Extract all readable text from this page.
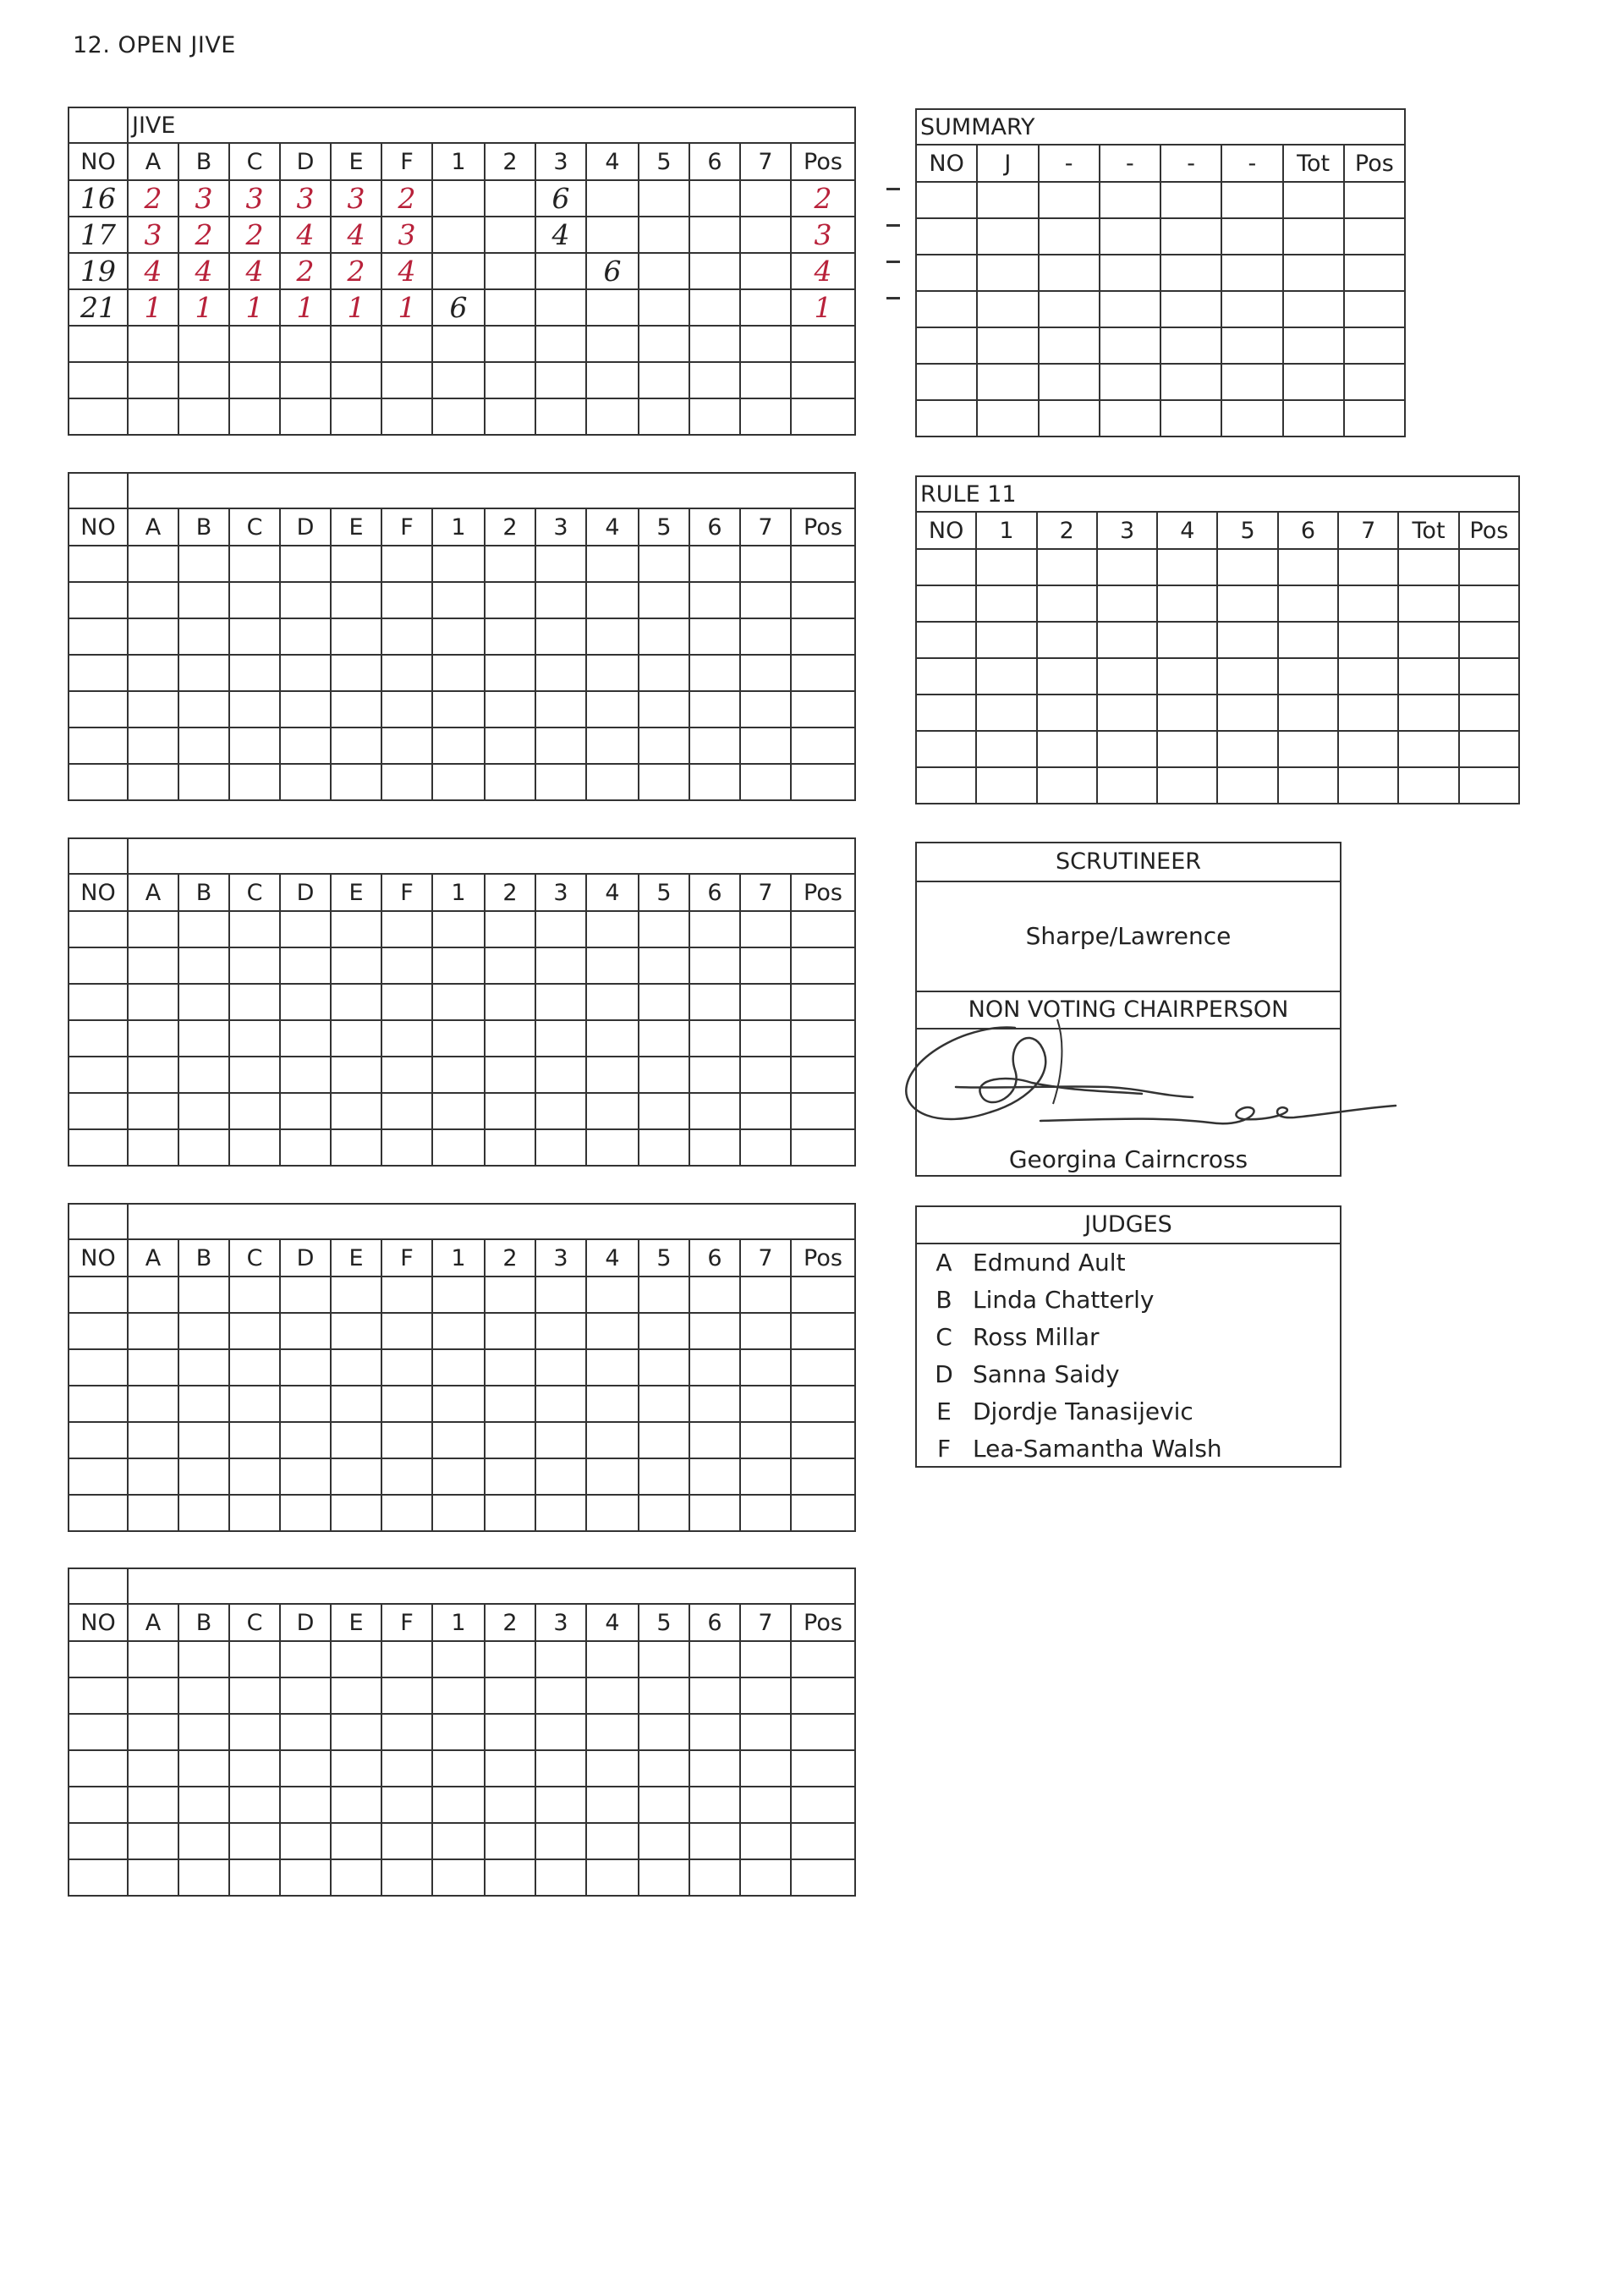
12. OPEN JIVE
	JIVE													
NO	A	B	C	D	E	F	1	2	3	4	5	6	7	Pos
16	2	3	3	3	3	2			6					2
17	3	2	2	4	4	3			4					3
19	4	4	4	2	2	4				6				4
21	1	1	1	1	1	1	6							1

NO	A	B	C	D	E	F	1	2	3	4	5	6	7	Pos

NO	A	B	C	D	E	F	1	2	3	4	5	6	7	Pos

NO	A	B	C	D	E	F	1	2	3	4	5	6	7	Pos

NO	A	B	C	D	E	F	1	2	3	4	5	6	7	Pos

SUMMARY							
NO	J	-	-	-	-	Tot	Pos

RULE 11									
NO	1	2	3	4	5	6	7	Tot	Pos

SCRUTINEER
Sharpe/Lawrence
NON VOTING CHAIRPERSON
Georgina Cairncross
JUDGES
A Edmund Ault
B Linda Chatterly
C Ross Millar
D Sanna Saidy
E Djordje Tanasijevic
F Lea-Samantha Walsh
